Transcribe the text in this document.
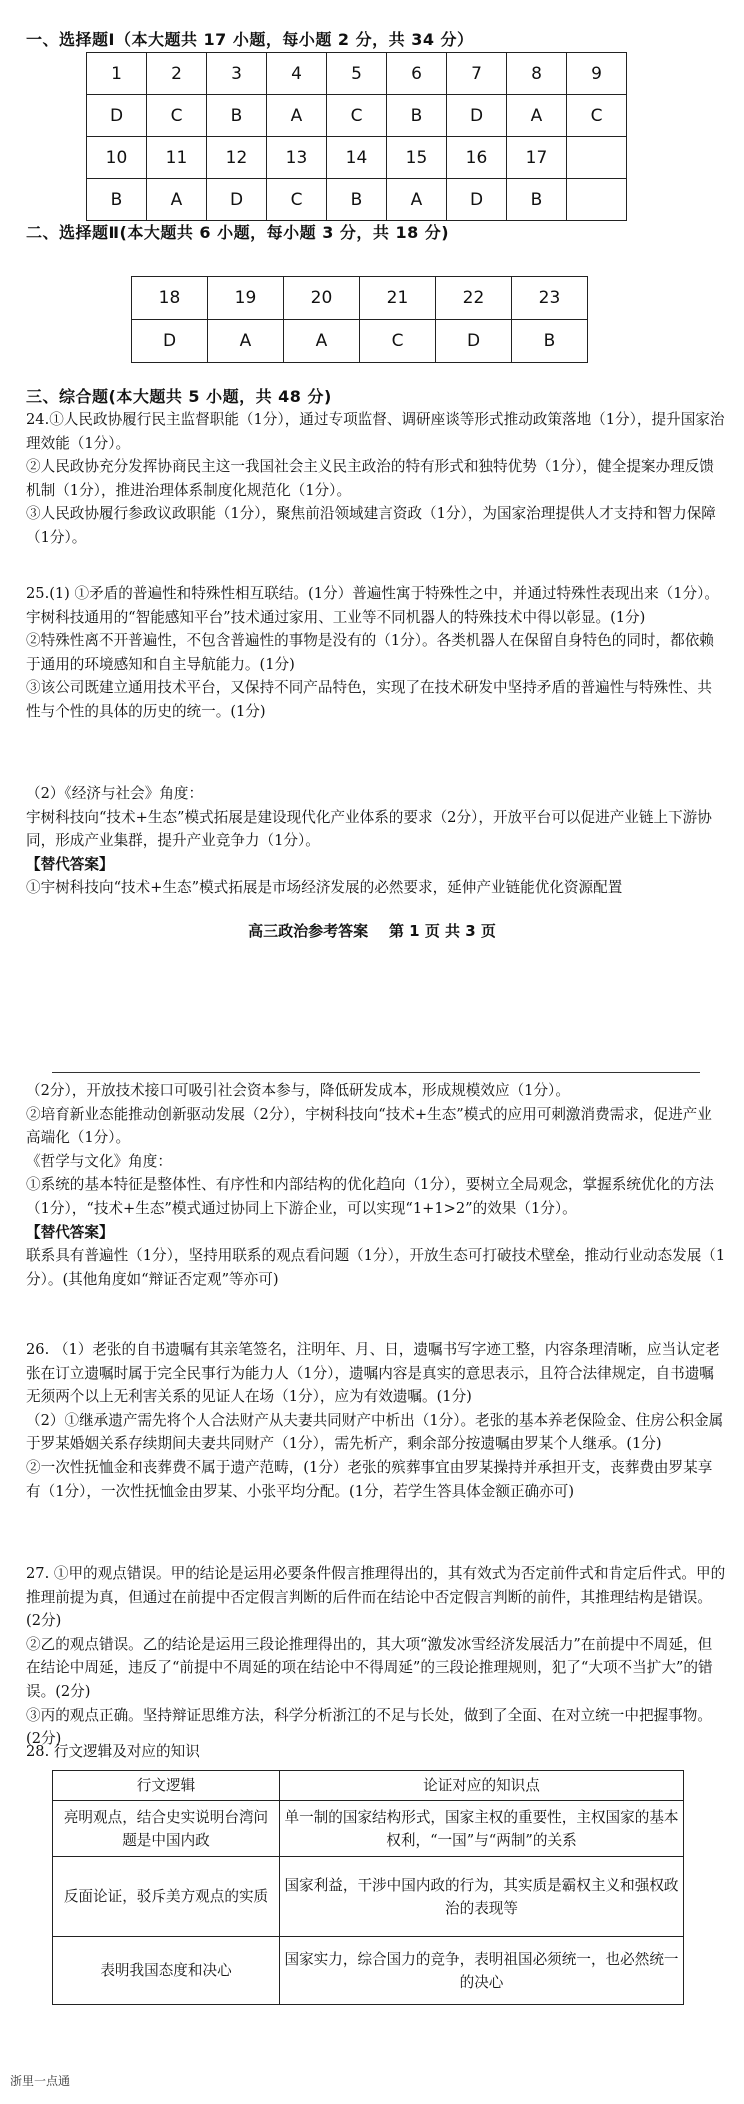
一、选择题Ⅰ（本大题共 17 小题，每小题 2 分，共 34 分）
1	2	3	4	5	6	7	8	9
D	C	B	A	C	B	D	A	C
10	11	12	13	14	15	16	17	
B	A	D	C	B	A	D	B	
二、选择题Ⅱ(本大题共 6 小题，每小题 3 分，共 18 分)
18	19	20	21	22	23
D	A	A	C	D	B
三、综合题(本大题共 5 小题，共 48 分)

24.①人民政协履行民主监督职能（1分），通过专项监督、调研座谈等形式推动政策落地（1分），提升国家治理效能（1分）。

②人民政协充分发挥协商民主这一我国社会主义民主政治的特有形式和独特优势（1分），健全提案办理反馈机制（1分），推进治理体系制度化规范化（1分）。

③人民政协履行参政议政职能（1分），聚焦前沿领域建言资政（1分），为国家治理提供人才支持和智力保障（1分）。

25.(1) ①矛盾的普遍性和特殊性相互联结。(1分）普遍性寓于特殊性之中，并通过特殊性表现出来（1分）。宇树科技通用的“智能感知平台”技术通过家用、工业等不同机器人的特殊技术中得以彰显。(1分)

②特殊性离不开普遍性，不包含普遍性的事物是没有的（1分）。各类机器人在保留自身特色的同时，都依赖于通用的环境感知和自主导航能力。(1分)

③该公司既建立通用技术平台，又保持不同产品特色，实现了在技术研发中坚持矛盾的普遍性与特殊性、共性与个性的具体的历史的统一。(1分)

（2）《经济与社会》角度：

宇树科技向“技术+生态”模式拓展是建设现代化产业体系的要求（2分），开放平台可以促进产业链上下游协同，形成产业集群，提升产业竞争力（1分）。

【替代答案】

①宇树科技向“技术+生态”模式拓展是市场经济发展的必然要求，延伸产业链能优化资源配置

高三政治参考答案    第 1 页 共 3 页

（2分），开放技术接口可吸引社会资本参与，降低研发成本，形成规模效应（1分）。

②培育新业态能推动创新驱动发展（2分），宇树科技向“技术+生态”模式的应用可刺激消费需求，促进产业高端化（1分）。

《哲学与文化》角度：

①系统的基本特征是整体性、有序性和内部结构的优化趋向（1分），要树立全局观念，掌握系统优化的方法（1分），“技术+生态”模式通过协同上下游企业，可以实现“1+1>2”的效果（1分）。

【替代答案】

联系具有普遍性（1分），坚持用联系的观点看问题（1分），开放生态可打破技术壁垒，推动行业动态发展（1分）。(其他角度如“辩证否定观”等亦可)

26. （1）老张的自书遗嘱有其亲笔签名，注明年、月、日，遗嘱书写字迹工整，内容条理清晰，应当认定老张在订立遗嘱时属于完全民事行为能力人（1分），遗嘱内容是真实的意思表示，且符合法律规定，自书遗嘱无须两个以上无利害关系的见证人在场（1分），应为有效遗嘱。(1分)

（2）①继承遗产需先将个人合法财产从夫妻共同财产中析出（1分）。老张的基本养老保险金、住房公积金属于罗某婚姻关系存续期间夫妻共同财产（1分），需先析产，剩余部分按遗嘱由罗某个人继承。(1分)

②一次性抚恤金和丧葬费不属于遗产范畴，(1分）老张的殡葬事宜由罗某操持并承担开支，丧葬费由罗某享有（1分），一次性抚恤金由罗某、小张平均分配。(1分，若学生答具体金额正确亦可)

27. ①甲的观点错误。甲的结论是运用必要条件假言推理得出的，其有效式为否定前件式和肯定后件式。甲的推理前提为真，但通过在前提中否定假言判断的后件而在结论中否定假言判断的前件，其推理结构是错误。(2分)

②乙的观点错误。乙的结论是运用三段论推理得出的，其大项“激发冰雪经济发展活力”在前提中不周延，但在结论中周延，违反了“前提中不周延的项在结论中不得周延”的三段论推理规则，犯了“大项不当扩大”的错误。(2分)

③丙的观点正确。坚持辩证思维方法，科学分析浙江的不足与长处，做到了全面、在对立统一中把握事物。(2分)

28. 行文逻辑及对应的知识
行文逻辑	论证对应的知识点
亮明观点，结合史实说明台湾问题是中国内政	单一制的国家结构形式，国家主权的重要性，主权国家的基本权利，“一国”与“两制”的关系
反面论证，驳斥美方观点的实质	国家利益，干涉中国内政的行为，其实质是霸权主义和强权政治的表现等
表明我国态度和决心	国家实力，综合国力的竞争，表明祖国必须统一，也必然统一的决心
浙里一点通
